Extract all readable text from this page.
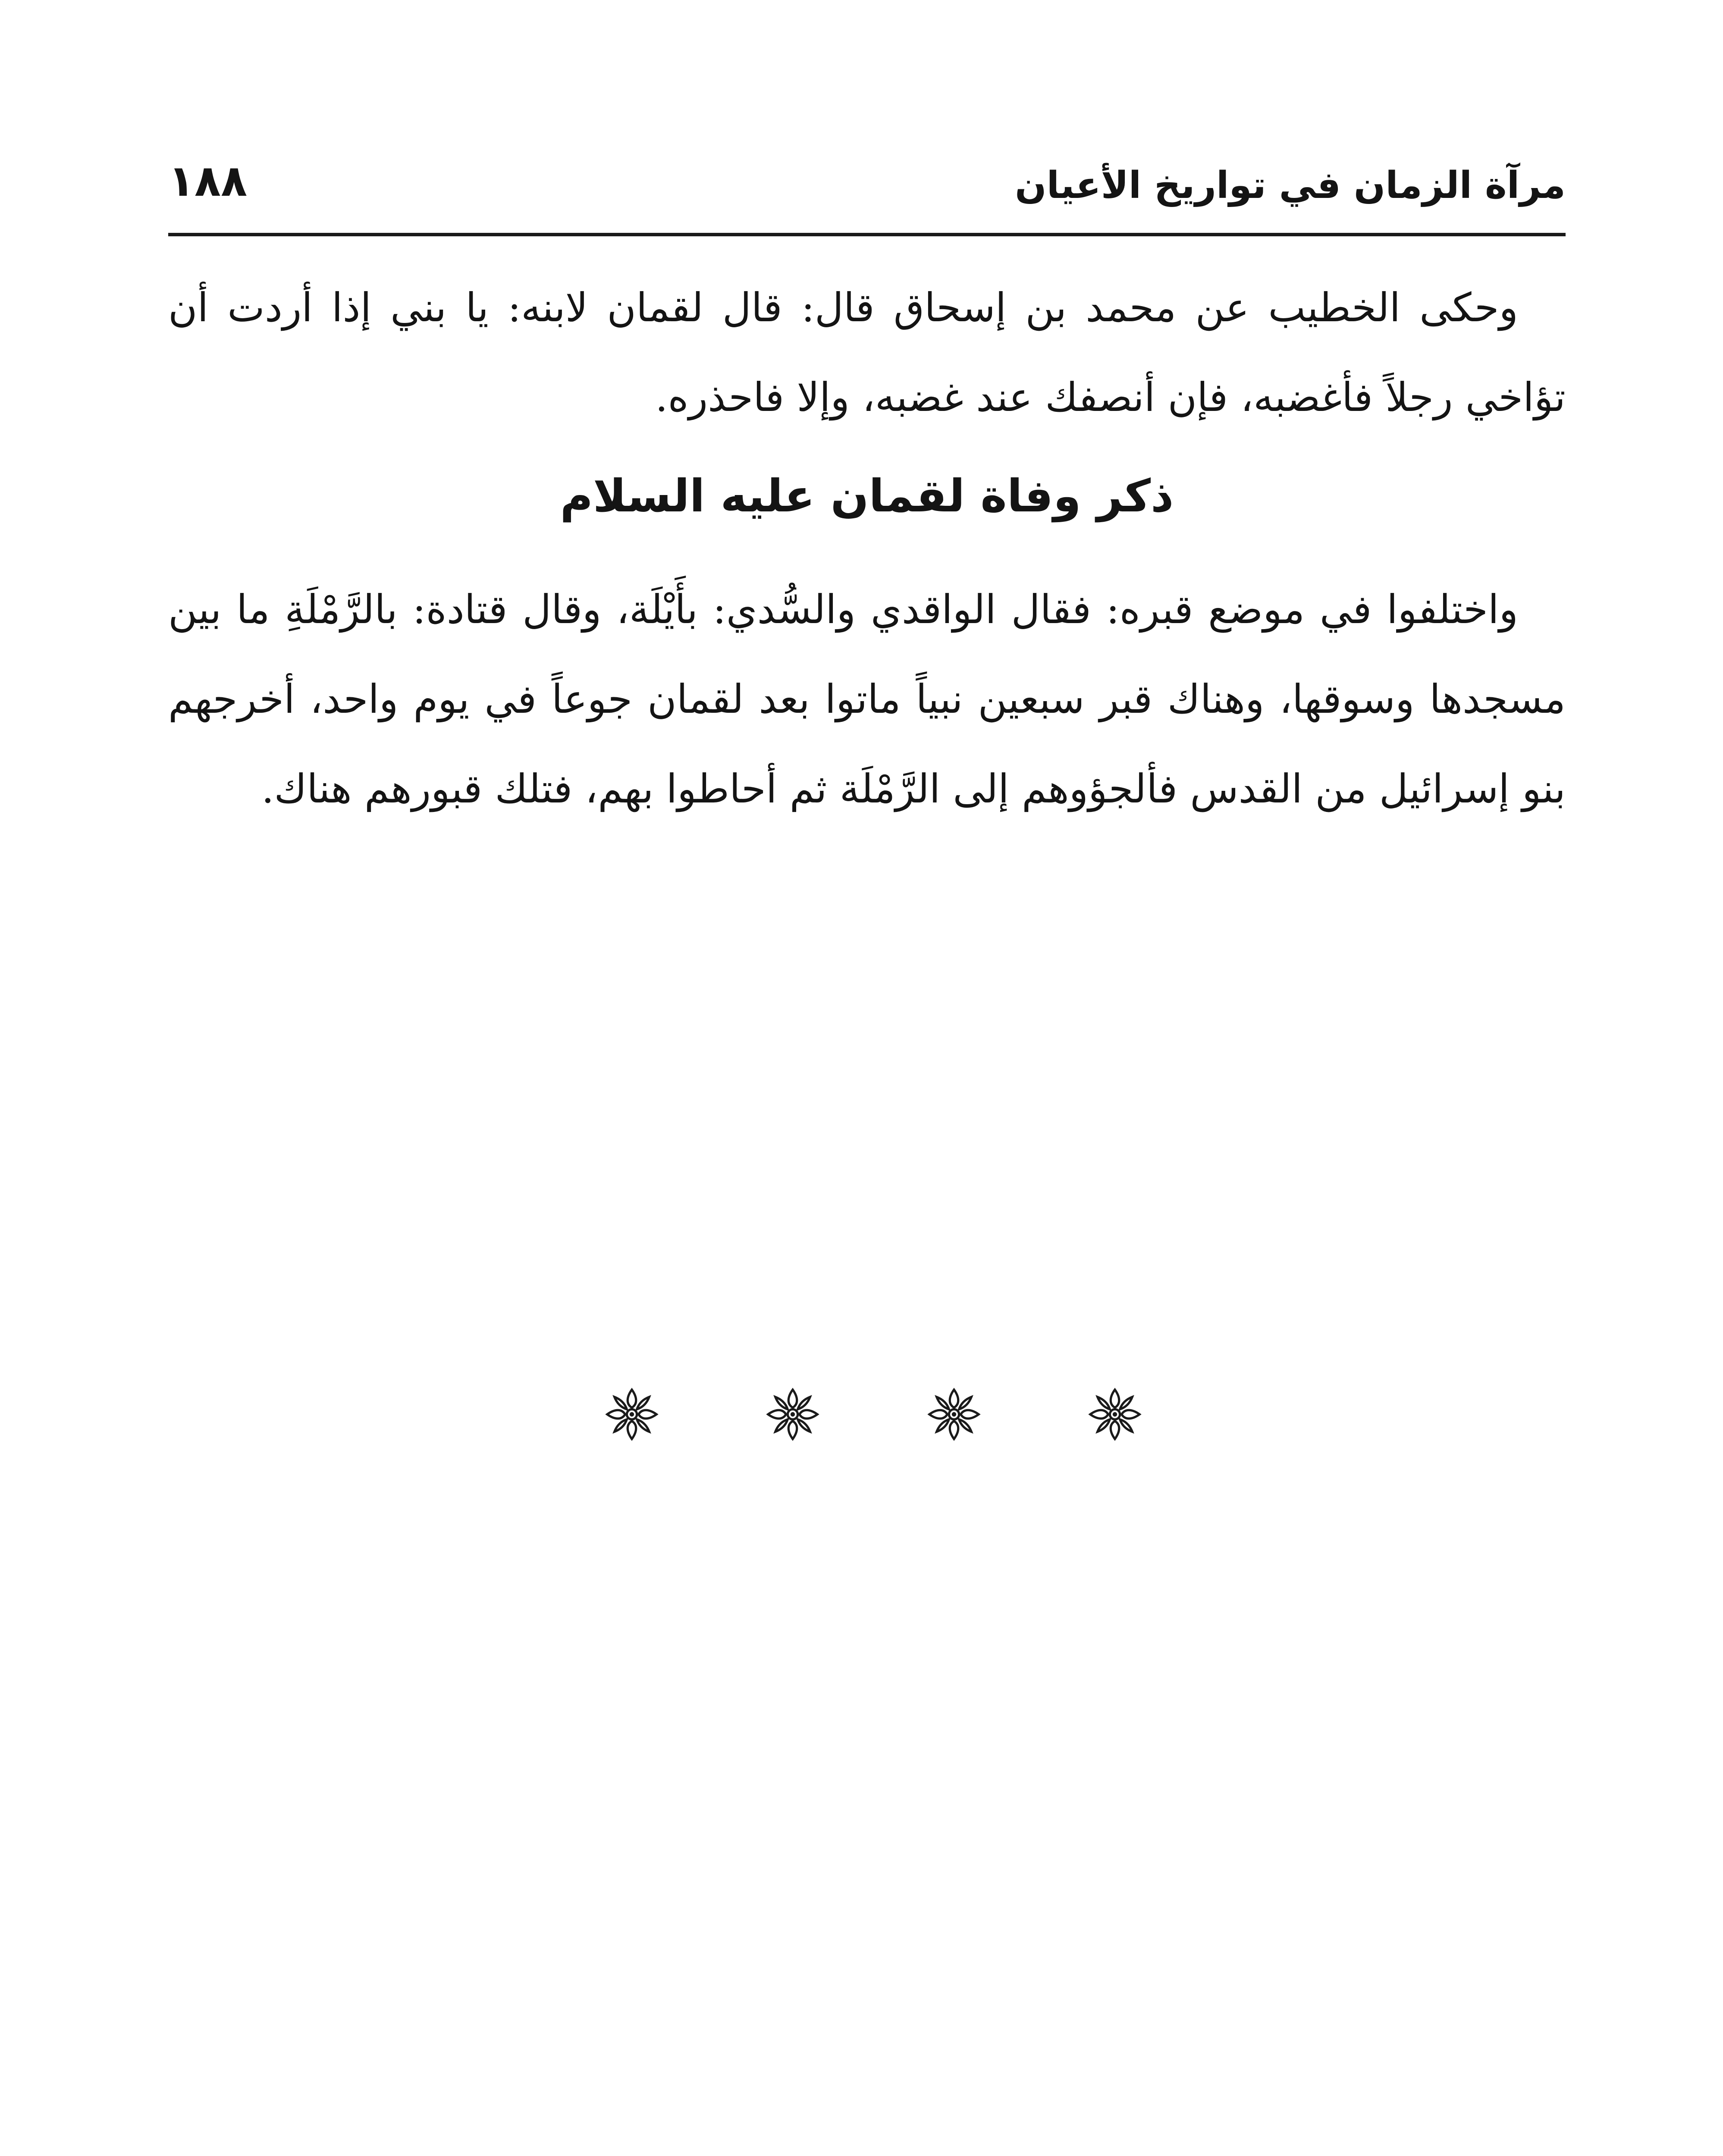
مرآة الزمان في تواريخ الأعيان
١٨٨

وحكى الخطيب عن محمد بن إسحاق قال: قال لقمان لابنه: يا بني إذا أردت أن تؤاخي رجلاً فأغضبه، فإن أنصفك عند غضبه، وإلا فاحذره.

ذكر وفاة لقمان عليه السلام

واختلفوا في موضع قبره: فقال الواقدي والسُّدي: بأَيْلَة، وقال قتادة: بالرَّمْلَةِ ما بين مسجدها وسوقها، وهناك قبر سبعين نبياً ماتوا بعد لقمان جوعاً في يوم واحد، أخرجهم بنو إسرائيل من القدس فألجؤوهم إلى الرَّمْلَة ثم أحاطوا بهم، فتلك قبورهم هناك.
